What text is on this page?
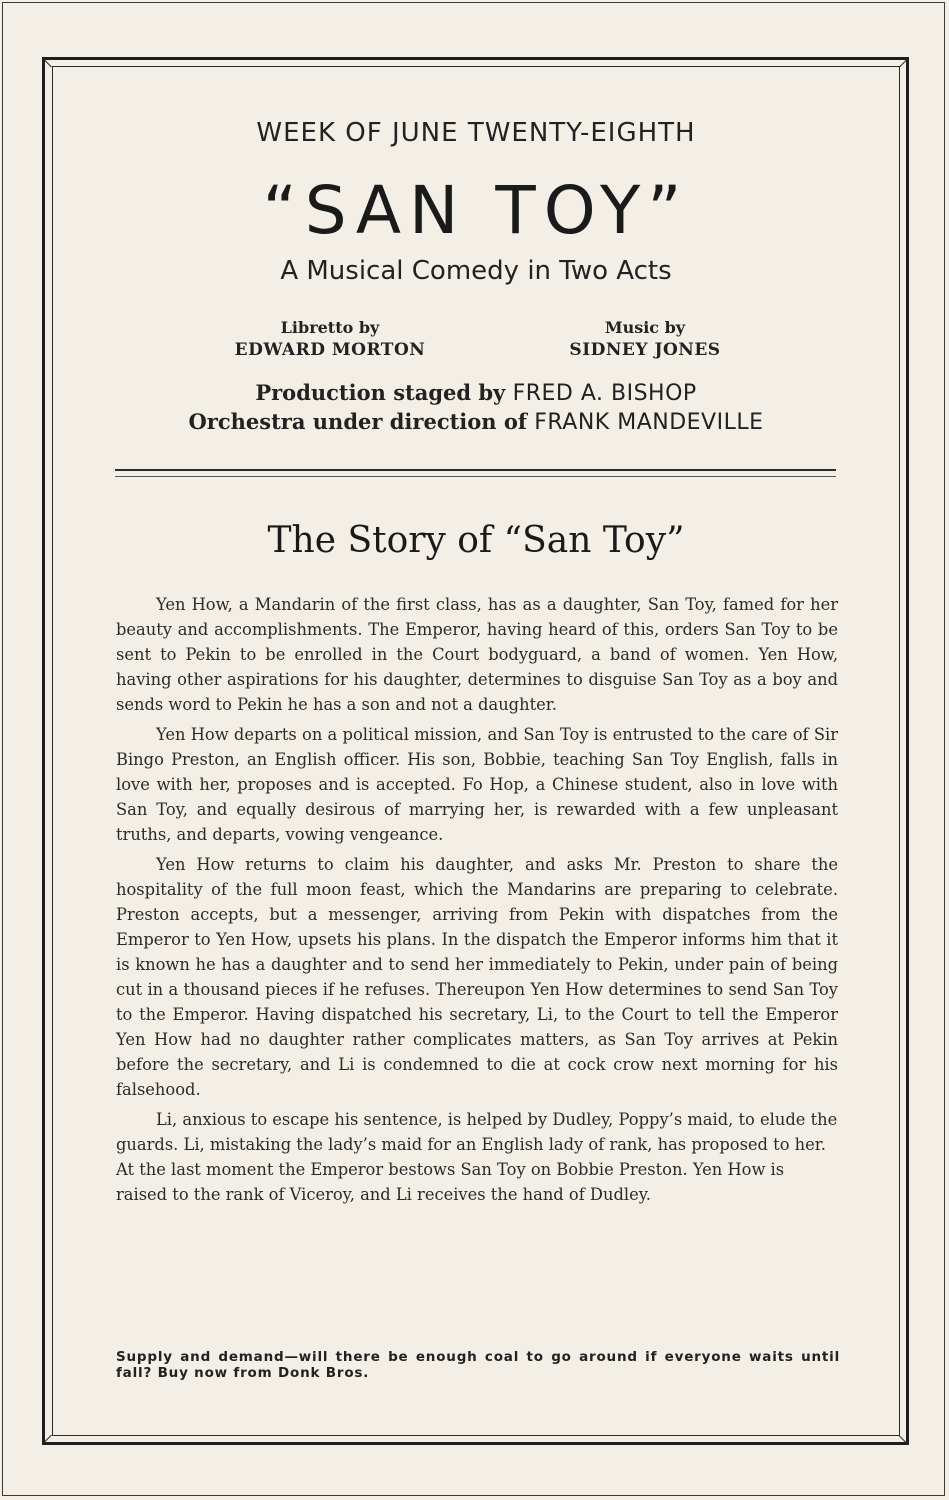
WEEK OF JUNE TWENTY-EIGHTH
“SAN TOY”
A Musical Comedy in Two Acts
Libretto by
EDWARD MORTON
Music by
SIDNEY JONES
Production staged by FRED A. BISHOP
Orchestra under direction of FRANK MANDEVILLE
The Story of “San Toy”

Yen How, a Mandarin of the first class, has as a daughter, San Toy, famed for her beauty and accomplishments. The Emperor, having heard of this, orders San Toy to be sent to Pekin to be enrolled in the Court bodyguard, a band of women. Yen How, having other aspirations for his daughter, determines to disguise San Toy as a boy and sends word to Pekin he has a son and not a daughter.

Yen How departs on a political mission, and San Toy is entrusted to the care of Sir Bingo Preston, an English officer. His son, Bobbie, teaching San Toy English, falls in love with her, proposes and is accepted. Fo Hop, a Chinese student, also in love with San Toy, and equally desirous of marrying her, is rewarded with a few unpleasant truths, and departs, vowing vengeance.

Yen How returns to claim his daughter, and asks Mr. Preston to share the hospitality of the full moon feast, which the Mandarins are preparing to celebrate. Preston accepts, but a messenger, arriving from Pekin with dispatches from the Emperor to Yen How, upsets his plans. In the dispatch the Emperor informs him that it is known he has a daughter and to send her immediately to Pekin, under pain of being cut in a thousand pieces if he refuses. Thereupon Yen How determines to send San Toy to the Emperor. Having dispatched his secretary, Li, to the Court to tell the Emperor Yen How had no daughter rather complicates matters, as San Toy arrives at Pekin before the secretary, and Li is condemned to die at cock crow next morning for his falsehood.

Li, anxious to escape his sentence, is helped by Dudley, Poppy’s maid, to elude the guards. Li, mistaking the lady’s maid for an English lady of rank, has proposed to her. At the last moment the Emperor bestows San Toy on Bobbie Preston. Yen How is raised to the rank of Viceroy, and Li receives the hand of Dudley.

Supply and demand—will there be enough coal to go around if everyone waits until fall? Buy now from Donk Bros.
